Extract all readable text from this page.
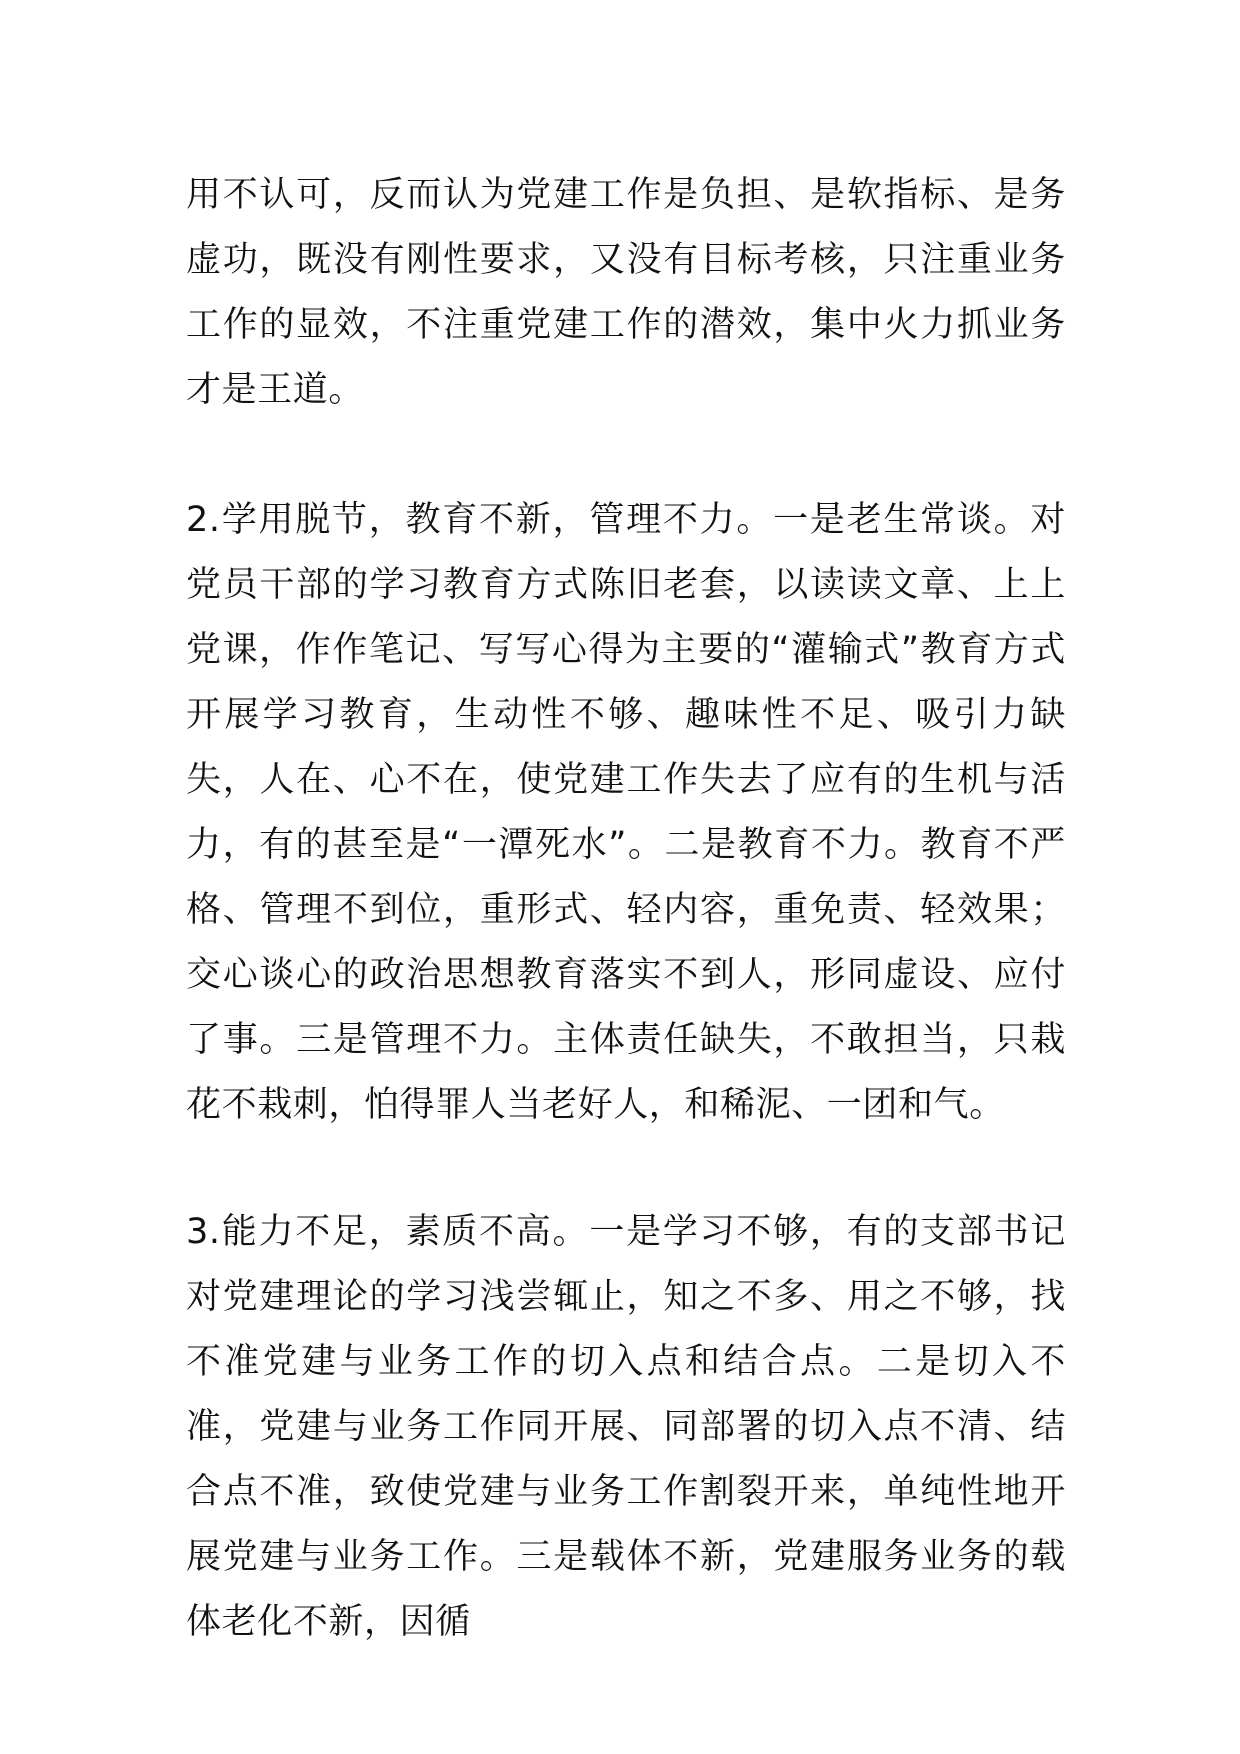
用不认可，反而认为党建工作是负担、是软指标、是务虚功，既没有刚性要求，又没有目标考核，只注重业务工作的显效，不注重党建工作的潜效，集中火力抓业务才是王道。

2.学用脱节，教育不新，管理不力。一是老生常谈。对党员干部的学习教育方式陈旧老套，以读读文章、上上党课，作作笔记、写写心得为主要的“灌输式”教育方式开展学习教育，生动性不够、趣味性不足、吸引力缺失，人在、心不在，使党建工作失去了应有的生机与活力，有的甚至是“一潭死水”。二是教育不力。教育不严格、管理不到位，重形式、轻内容，重免责、轻效果；交心谈心的政治思想教育落实不到人，形同虚设、应付了事。三是管理不力。主体责任缺失，不敢担当，只栽花不栽刺，怕得罪人当老好人，和稀泥、一团和气。

3.能力不足，素质不高。一是学习不够，有的支部书记对党建理论的学习浅尝辄止，知之不多、用之不够，找不准党建与业务工作的切入点和结合点。二是切入不准，党建与业务工作同开展、同部署的切入点不清、结合点不准，致使党建与业务工作割裂开来，单纯性地开展党建与业务工作。三是载体不新，党建服务业务的载体老化不新，因循
